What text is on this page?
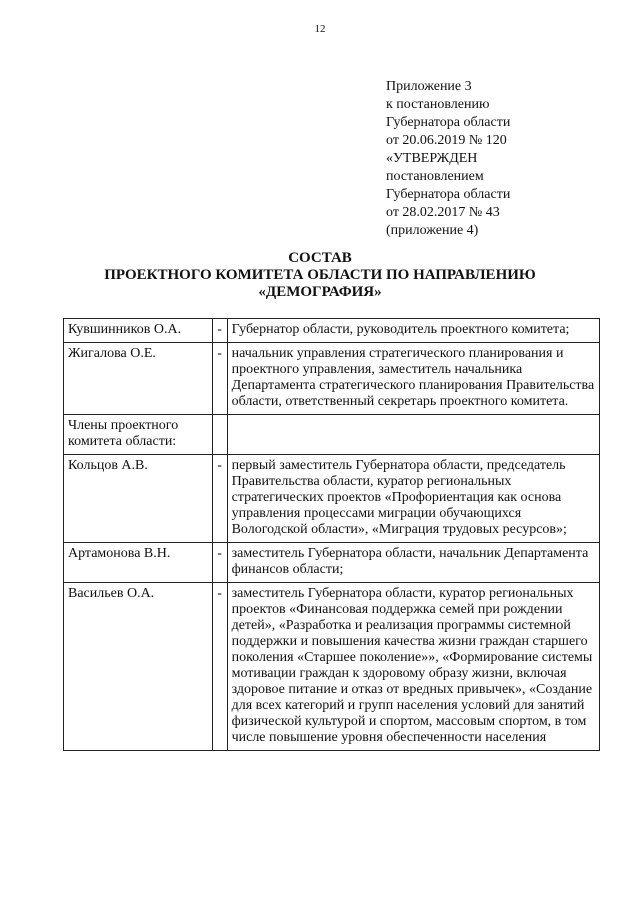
12
Приложение 3
к постановлению
Губернатора области
от 20.06.2019 № 120
«УТВЕРЖДЕН
постановлением
Губернатора области
от 28.02.2017 № 43
(приложение 4)
СОСТАВ
ПРОЕКТНОГО КОМИТЕТА ОБЛАСТИ ПО НАПРАВЛЕНИЮ
«ДЕМОГРАФИЯ»
Кувшинников О.А.	-	Губернатор области, руководитель проектного комитета;
Жигалова О.Е.	-	начальник управления стратегического планирования и проектного управления, заместитель начальника Департамента стратегического планирования Правительства области, ответственный секретарь проектного комитета.
Члены проектного комитета области:		
Кольцов А.В.	-	первый заместитель Губернатора области, председатель Правительства области, куратор региональных стратегических проектов «Профориентация как основа управления процессами миграции обучающихся Вологодской области», «Миграция трудовых ресурсов»;
Артамонова В.Н.	-	заместитель Губернатора области, начальник Департамента финансов области;
Васильев О.А.	-	заместитель Губернатора области, куратор региональных проектов «Финансовая поддержка семей при рождении детей», «Разработка и реализация программы системной поддержки и повышения качества жизни граждан старшего поколения «Старшее поколение»», «Формирование системы мотивации граждан к здоровому образу жизни, включая здоровое питание и отказ от вредных привычек», «Создание для всех категорий и групп населения условий для занятий физической культурой и спортом, массовым спортом, в том числе повышение уровня обеспеченности населения
